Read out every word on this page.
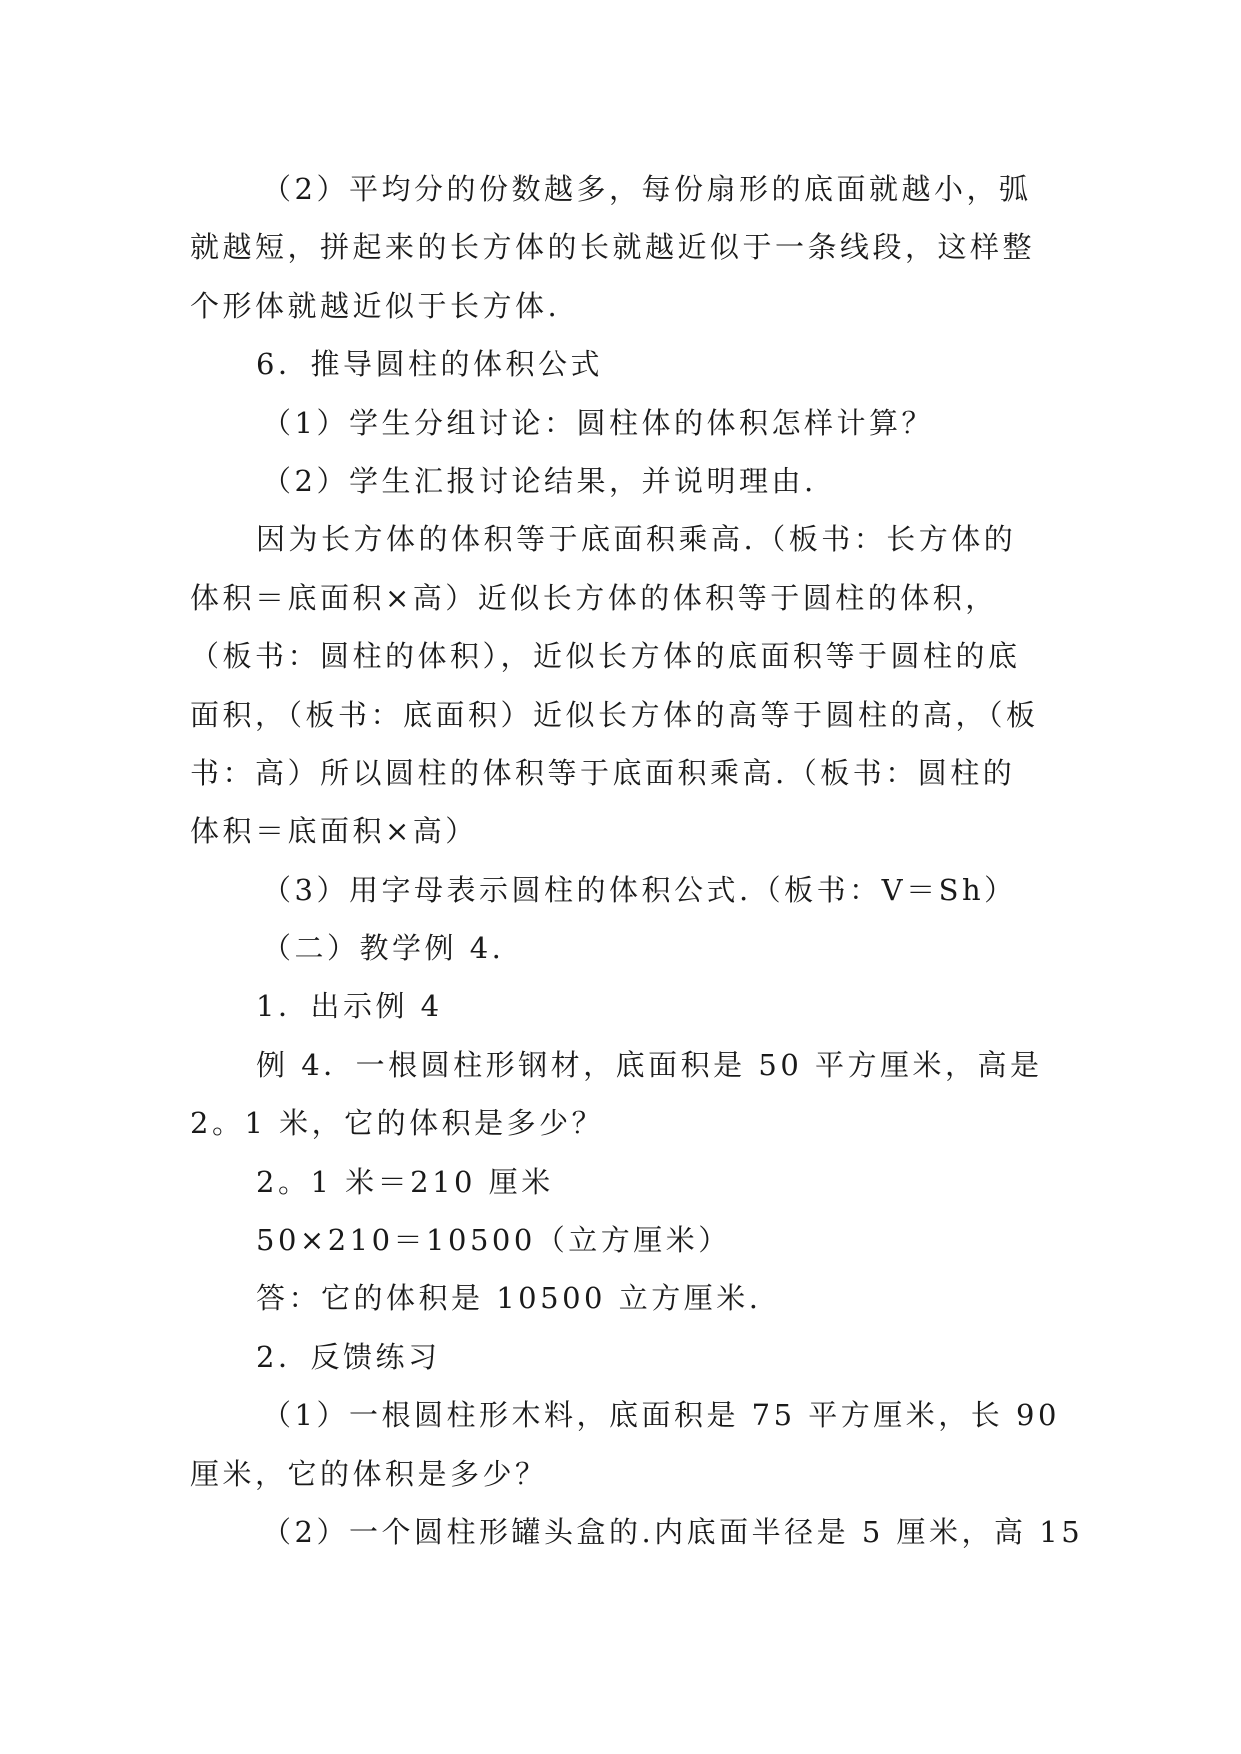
（2）平均分的份数越多，每份扇形的底面就越小，弧
就越短，拼起来的长方体的长就越近似于一条线段，这样整
个形体就越近似于长方体.
6．推导圆柱的体积公式
（1）学生分组讨论：圆柱体的体积怎样计算？
（2）学生汇报讨论结果，并说明理由.
因为长方体的体积等于底面积乘高.（板书：长方体的
体积＝底面积×高）近似长方体的体积等于圆柱的体积，
（板书：圆柱的体积），近似长方体的底面积等于圆柱的底
面积，（板书：底面积）近似长方体的高等于圆柱的高，（板
书：高）所以圆柱的体积等于底面积乘高.（板书：圆柱的
体积＝底面积×高）
（3）用字母表示圆柱的体积公式.（板书：V＝Sh）
（二）教学例 4.
1．出示例 4
例 4．一根圆柱形钢材，底面积是 50 平方厘米，高是
2。1 米，它的体积是多少？
2。1 米＝210 厘米
50×210＝10500（立方厘米）
答：它的体积是 10500 立方厘米.
2．反馈练习
（1）一根圆柱形木料，底面积是 75 平方厘米，长 90
厘米，它的体积是多少？
（2）一个圆柱形罐头盒的.内底面半径是 5 厘米，高 15
